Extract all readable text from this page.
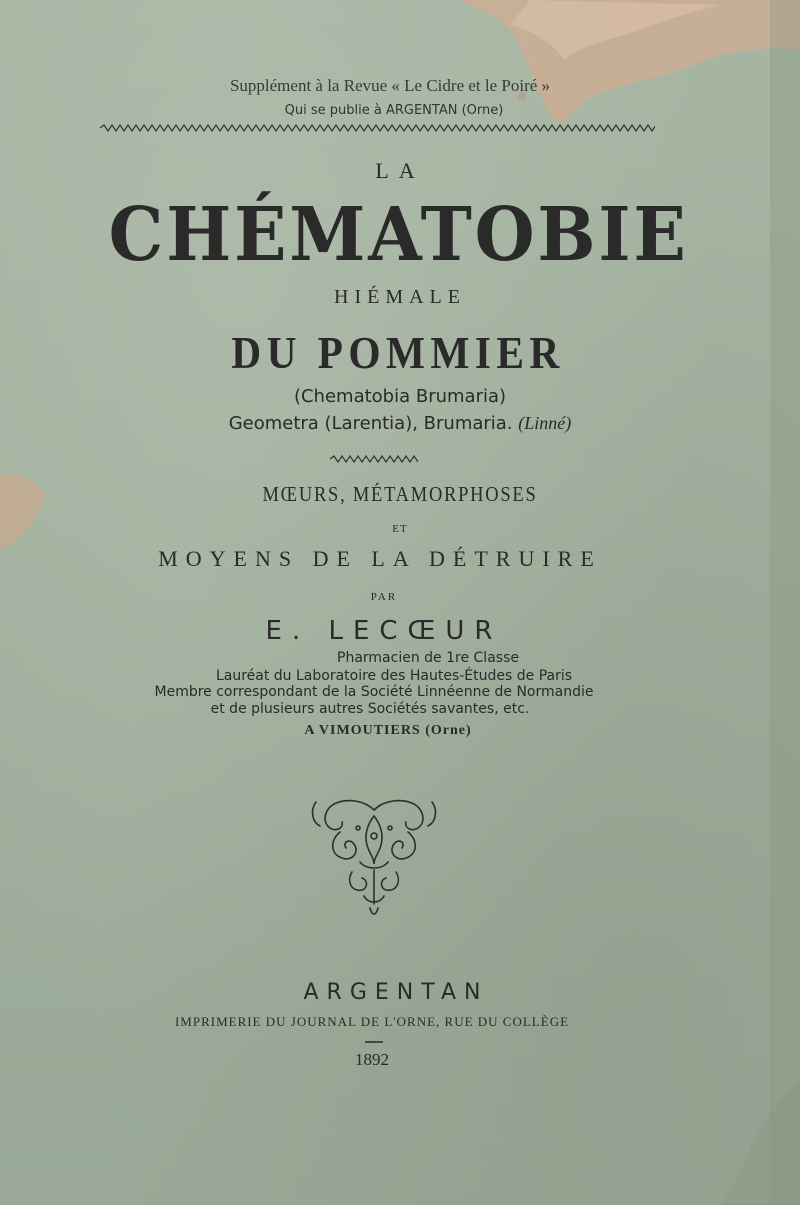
Supplément à la Revue « Le Cidre et le Poiré »
Qui se publie à ARGENTAN (Orne)
LA
CHÉMATOBIE
HIÉMALE
DU POMMIER
(Chematobia Brumaria)
Geometra (Larentia), Brumaria. (Linné)
MŒURS, MÉTAMORPHOSES
ET
MOYENS DE LA DÉTRUIRE
PAR
E. LECŒUR
Pharmacien de 1re Classe
Lauréat du Laboratoire des Hautes-Études de Paris
Membre correspondant de la Société Linnéenne de Normandie
et de plusieurs autres Sociétés savantes, etc.
A VIMOUTIERS (Orne)
ARGENTAN
IMPRIMERIE DU JOURNAL DE L'ORNE, RUE DU COLLÈGE
1892
